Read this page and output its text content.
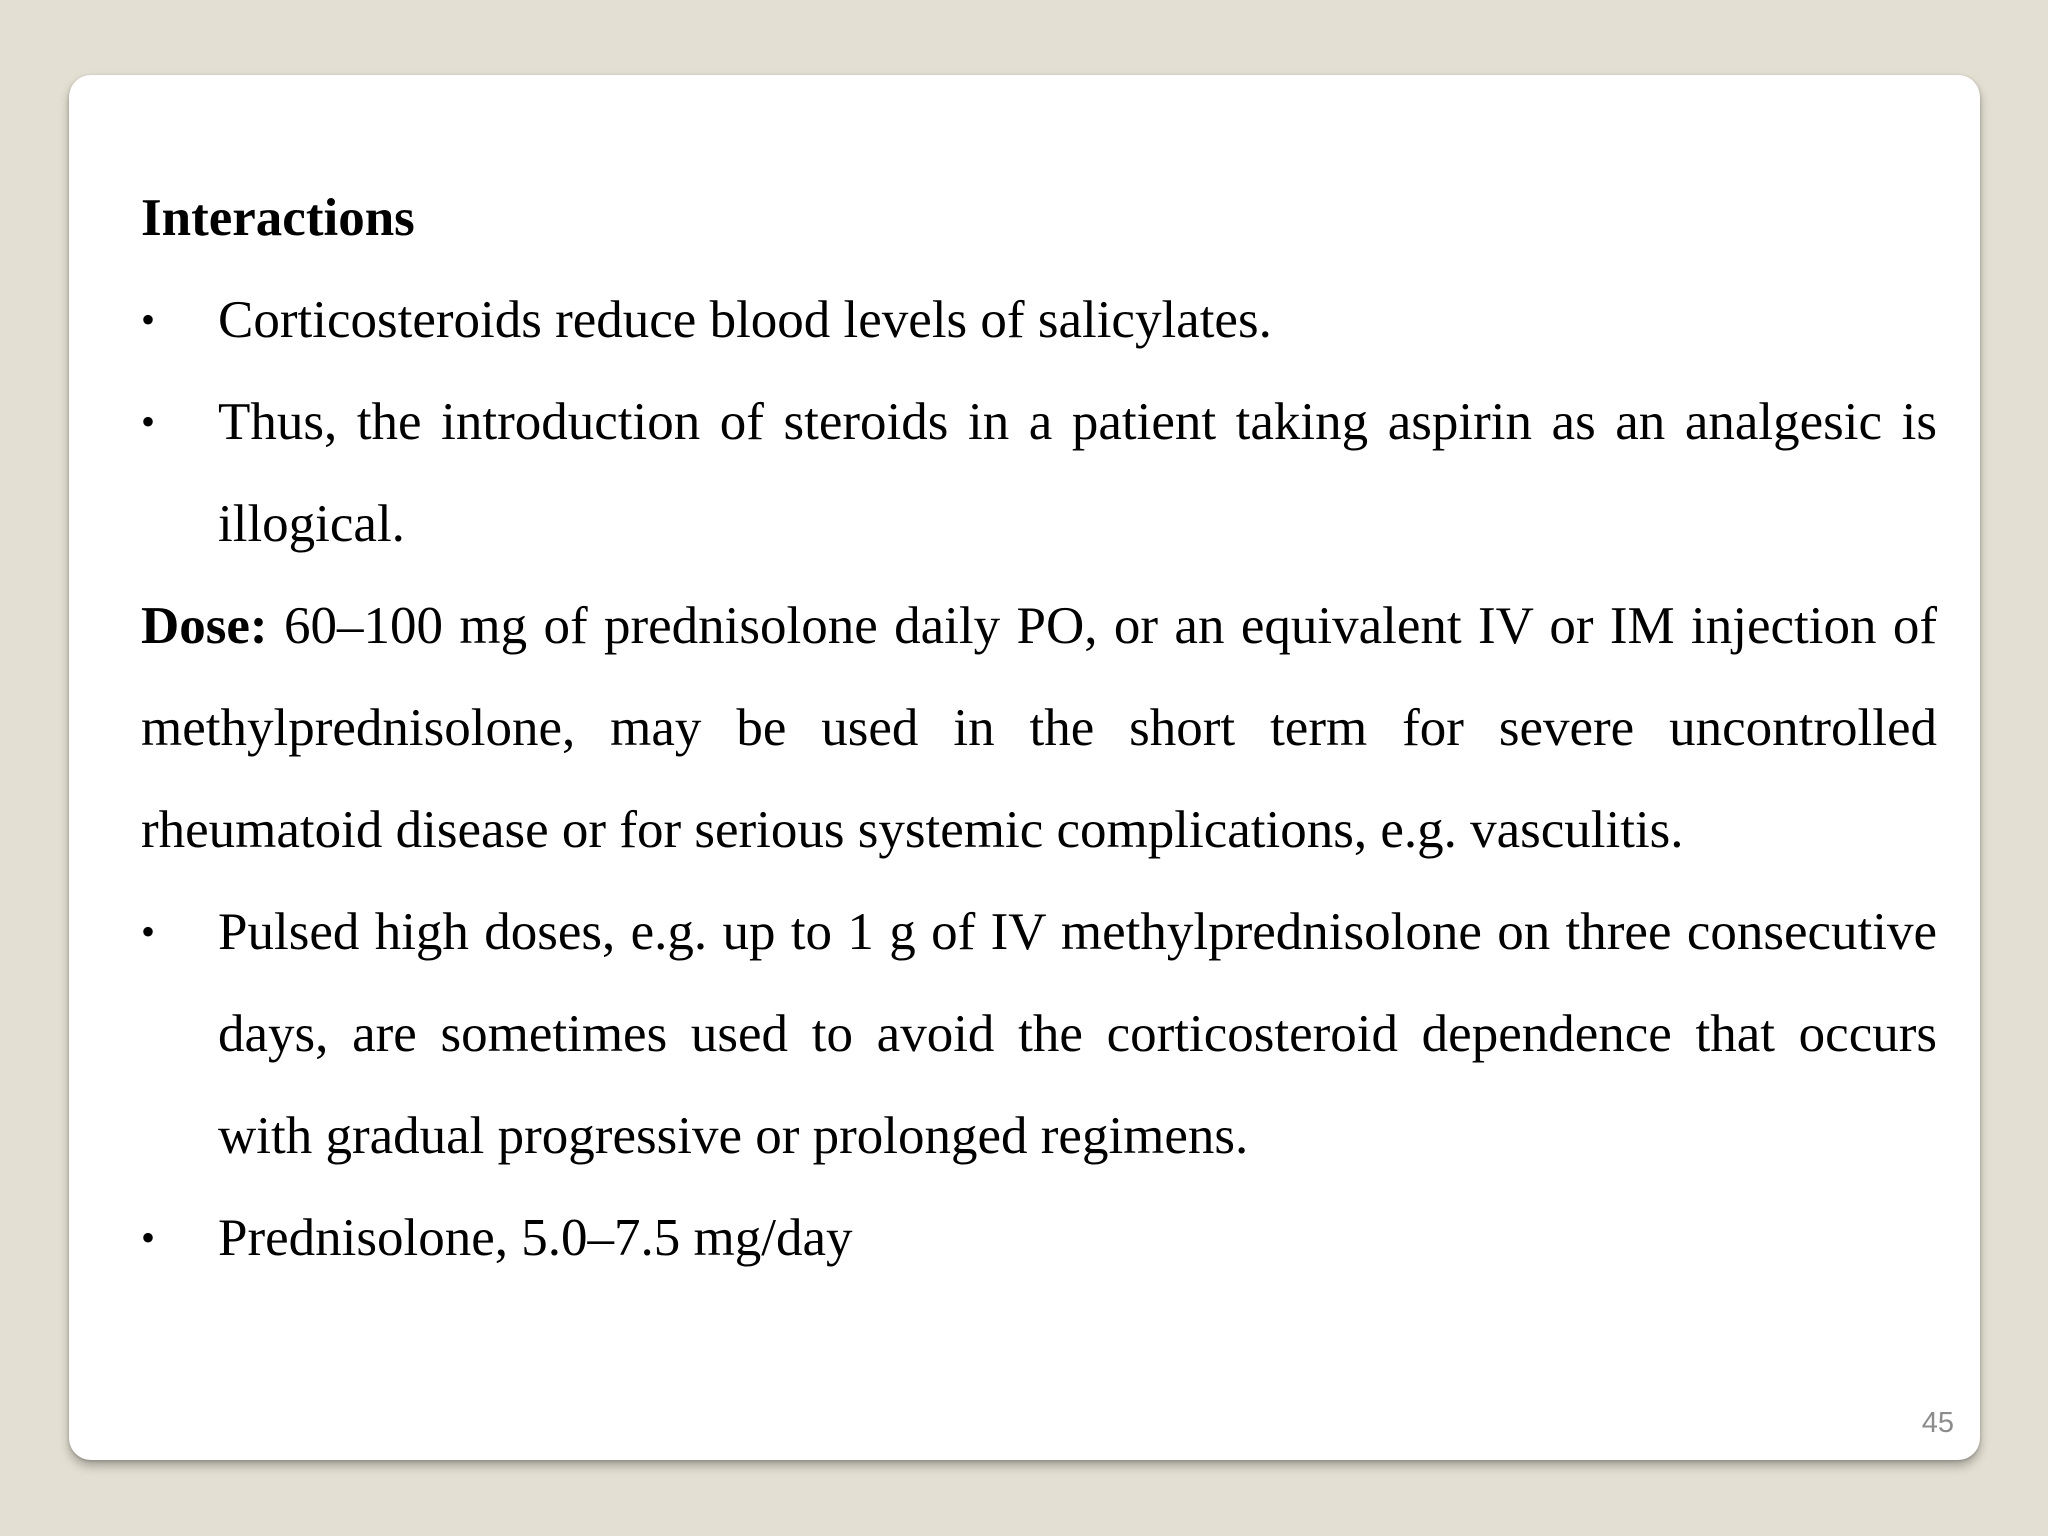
Interactions

•	Corticosteroids reduce blood levels of salicylates.
•	Thus, the introduction of steroids in a patient taking aspirin as an analgesic is illogical.
Dose: 60–100 mg of prednisolone daily PO, or an equivalent IV or IM injection of methylprednisolone, may be used in the short term for severe uncontrolled rheumatoid disease or for serious systemic complications, e.g. vasculitis.
•	Pulsed high doses, e.g. up to 1 g of IV methylprednisolone on three consecutive days, are sometimes used to avoid the corticosteroid dependence that occurs with gradual progressive or prolonged regimens.
•	Prednisolone, 5.0–7.5 mg/day
45
